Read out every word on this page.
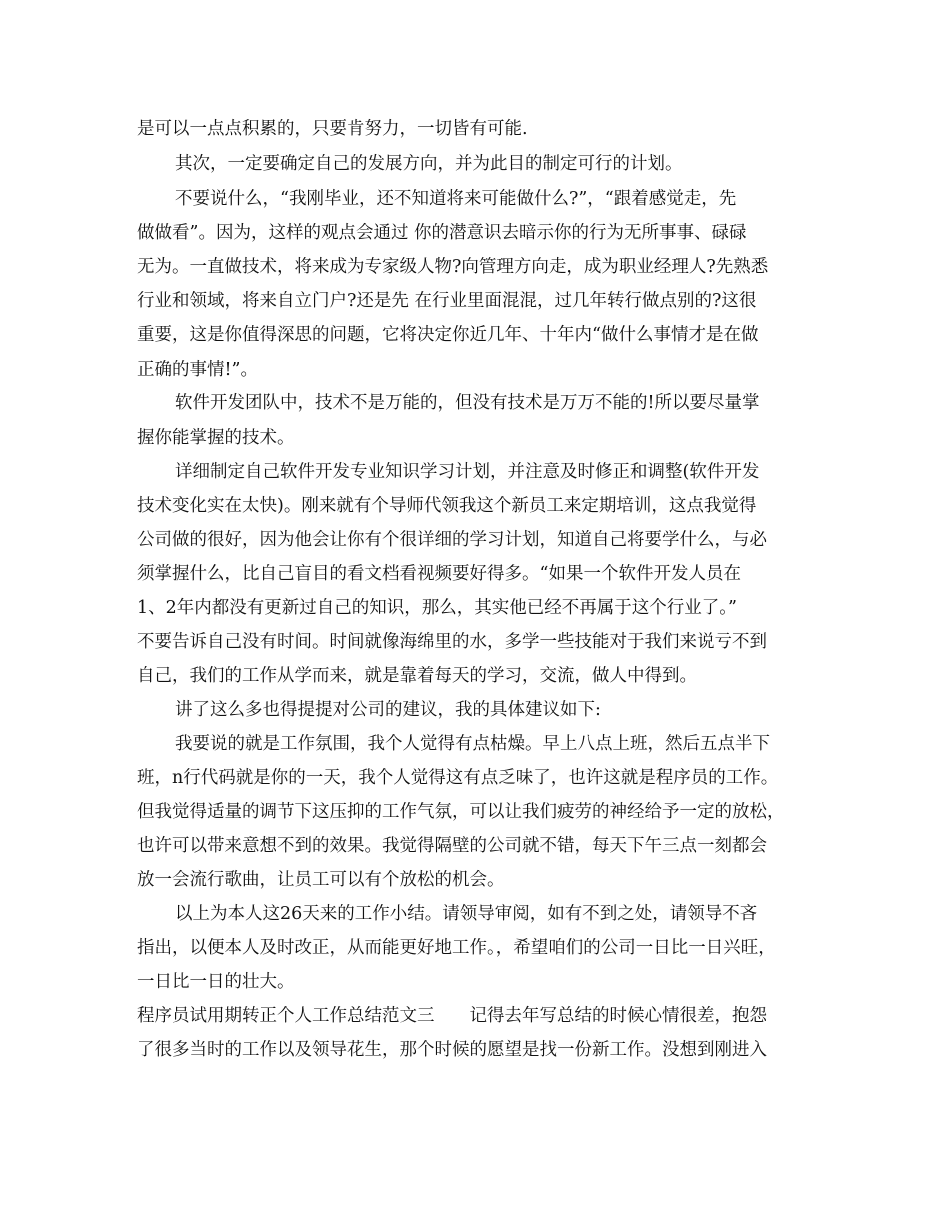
是可以一点点积累的，只要肯努力，一切皆有可能.
其次，一定要确定自己的发展方向，并为此目的制定可行的计划。
不要说什么，“我刚毕业，还不知道将来可能做什么?”，“跟着感觉走，先
做做看”。因为，这样的观点会通过 你的潜意识去暗示你的行为无所事事、碌碌
无为。一直做技术，将来成为专家级人物?向管理方向走，成为职业经理人?先熟悉
行业和领域，将来自立门户?还是先 在行业里面混混，过几年转行做点别的?这很
重要，这是你值得深思的问题，它将决定你近几年、十年内“做什么事情才是在做
正确的事情!”。
软件开发团队中，技术不是万能的，但没有技术是万万不能的!所以要尽量掌
握你能掌握的技术。
详细制定自己软件开发专业知识学习计划，并注意及时修正和调整(软件开发
技术变化实在太快)。刚来就有个导师代领我这个新员工来定期培训，这点我觉得
公司做的很好，因为他会让你有个很详细的学习计划，知道自己将要学什么，与必
须掌握什么，比自己盲目的看文档看视频要好得多。“如果一个软件开发人员在
1、2年内都没有更新过自己的知识，那么，其实他已经不再属于这个行业了。”
不要告诉自己没有时间。时间就像海绵里的水，多学一些技能对于我们来说亏不到
自己，我们的工作从学而来，就是靠着每天的学习，交流，做人中得到。
讲了这么多也得提提对公司的建议，我的具体建议如下:
我要说的就是工作氛围，我个人觉得有点枯燥。早上八点上班，然后五点半下
班，n行代码就是你的一天，我个人觉得这有点乏味了，也许这就是程序员的工作。
但我觉得适量的调节下这压抑的工作气氛，可以让我们疲劳的神经给予一定的放松，
也许可以带来意想不到的效果。我觉得隔壁的公司就不错，每天下午三点一刻都会
放一会流行歌曲，让员工可以有个放松的机会。
以上为本人这26天来的工作小结。请领导审阅，如有不到之处，请领导不吝
指出，以便本人及时改正，从而能更好地工作。，希望咱们的公司一日比一日兴旺，
一日比一日的壮大。
程序员试用期转正个人工作总结范文三　　记得去年写总结的时候心情很差，抱怨
了很多当时的工作以及领导花生，那个时候的愿望是找一份新工作。没想到刚进入
